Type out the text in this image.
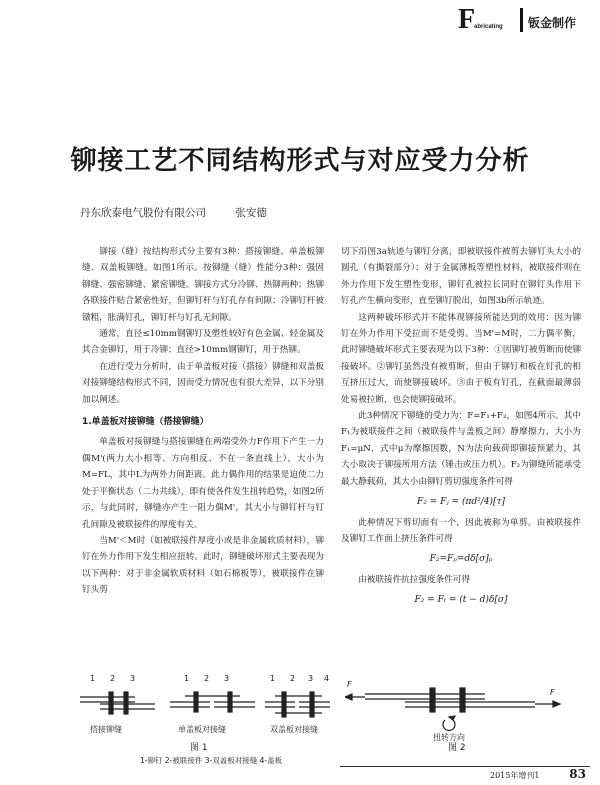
F
abricating 钣金制作
铆接工艺不同结构形式与对应受力分析
丹东欣泰电气股份有限公司	张安德

铆接（缝）按结构形式分主要有3种：搭接铆缝、单盖板铆缝、双盖板铆缝。如图1所示。按铆缝（缝）性能分3种：强固铆缝、强密铆缝、紧密铆缝。铆接方式分冷铆、热铆两种；热铆各联接件贴合紧密性好，但铆钉杆与钉孔存有间隙；冷铆钉杆被镦粗，胀满钉孔，铆钉杆与钉孔无间隙。

通常，直径≤10mm钢铆钉及塑性较好有色金属、轻金属及其合金铆钉，用于冷铆；直径>10mm钢铆钉，用于热铆。

在进行受力分析时，由于单盖板对接（搭接）铆缝和双盖板对接铆缝结构形式不同，因而受力情况也有很大差异，以下分别加以阐述。

1.单盖板对接铆缝（搭接铆缝）

单盖板对接铆缝与搭接铆缝在两端受外力F作用下产生一力偶M'(两力大小相等、方向相反、不在一条直线上），大小为M=FL，其中L为两外力间距离。此力偶作用的结果是迫使二力处于平衡状态（二力共线），即有使各件发生扭转趋势，如图2所示，与此同时，铆缝亦产生一阻力偶M'，其大小与铆钉杆与钉孔间隙及被联接件的厚度有关。

当M'＜M时（如被联接件厚度小或是非金属软质材料），铆钉在外力作用下发生相应扭转。此时，铆缝破坏形式主要表现为以下两种：对于非金属软质材料（如石棉板等），被联接件在铆钉头剪

切下沿图3a轨迹与铆钉分离，即被联接件被剪去铆钉头大小的圆孔（有撕裂部分）；对于金属薄板等塑性材料，被联接件则在外力作用下发生塑性变形，铆钉孔被拉长同时在铆钉头作用下钉孔产生横向变形，直至铆钉脱出，如图3b所示轨迹。

这两种破坏形式并不能体现铆接所能达到的效用：因为铆钉在外力作用下受拉而不是受剪。当M'=M时，二力偶平衡，此时铆缝破坏形式主要表现为以下3种：①因铆钉被剪断而使铆接破坏。②铆钉虽然没有被剪断，但由于铆钉和板在钉孔的相互挤压过大，而使铆接破坏。③由于板有钉孔，在截面最薄弱处易被拉断，也会使铆接破坏。

此3种情况下铆缝的受力为：F=F₁+F₂，如图4所示。其中F₁为被联接件之间（被联接件与盖板之间）静摩擦力，大小为F₁=μN，式中μ为摩擦因数，N为法向载荷即铆接预紧力，其大小取决于铆接所用方法（锤击或压力机）。F₂为铆缝所能承受最大静载荷，其大小由铆钉剪切强度条件可得

F₂ = Fⱼ = (πd²/4)[τ]

此种情况下剪切面有一个，因此被称为单剪。由被联接件及铆钉工作面上挤压条件可得

F₂=Fₚ=dδ[σ]ₚ

由被联接件抗拉强度条件可得

F₂ = Fₗ = (t − d)δ[σ]
搭接铆缝	单盖板对接缝	双盖板对接缝
1 2 3	1 2 3	1 2 3 4
图 1
1-铆钉 2-被联接件 3-双盖板对接缝 4-盖板
F
F
扭转方向
图 2
2015年增刊1 83
